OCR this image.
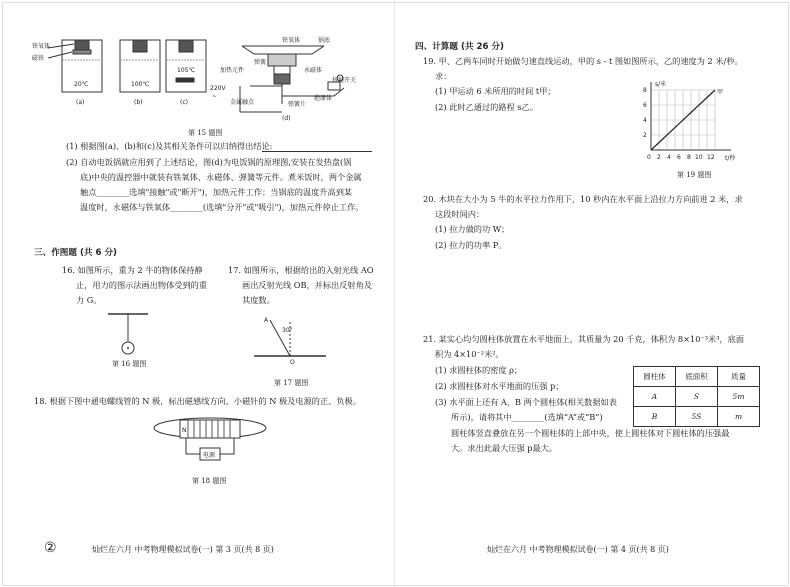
铁氧体
磁铁
铁氧体	锅底
弹簧
加热元件	永磁体
220V
~
金属触点	弹簧片
按键开关
绝缘体
20℃	100℃
105℃
(a)	(b)	(c)
(d)
第 15 题图
(1) 根据图(a)、(b)和(c)及其相关条件可以归纳得出结论:
(2) 自动电饭锅就应用到了上述结论，图(d)为电饭锅的原理图,安装在发热盘(锅
底)中央的温控器中就装有铁氧体、永磁体、弹簧等元件。煮米饭时，两个金属
触点________选填"接触"或"断开")，加热元件工作；当锅底的温度升高到某
温度时，永磁体与铁氧体________(选填"分开"或"吸引")，加热元件停止工作。
三、作图题 (共 6 分)
16. 如图所示，重为 2 牛的物体保持静
止，用力的图示法画出物体受到的重
力 G。
第 16 题图
17. 如图所示，根据给出的入射光线 AO
画出反射光线 OB，并标出反射角及
其度数。
A
30°
O
第 17 题图
18. 根据下图中通电螺线管的 N 极，标出磁感线方向、小磁针的 N 极及电源的正、负极。
N
电源
第 18 题图
②	灿烂在六月 中考物理模拟试卷(一) 第 3 页(共 8 页)
四、计算题 (共 26 分)
19. 甲、乙两车同时开始做匀速直线运动，甲的 s - t 图如图所示，乙的速度为 2 米/秒。
求：
(1) 甲运动 6 米所用的时间 t甲；
(2) 此时乙通过的路程 s乙。
s/米
t/秒
甲
8
6
4
2
0 2 4 6 8 10 12
第 19 题图
20. 木块在大小为 5 牛的水平拉力作用下，10 秒内在水平面上沿拉力方向前进 2 米，求
这段时间内：
(1) 拉力做的功 W；
(2) 拉力的功率 P。
21. 某实心均匀圆柱体放置在水平地面上，其质量为 20 千克，体积为 8×10⁻³米³，底面
积为 4×10⁻²米²。
(1) 求圆柱体的密度 ρ；
(2) 求圆柱体对水平地面的压强 p；
(3) 水平面上还有 A、B 两个圆柱体(相关数据如表
所示)，请将其中________(选填“A”或“B”)
圆柱体竖直叠放在另一个圆柱体的上部中央，使上圆柱体对下圆柱体的压强最
大。求出此最大压强 p最大。
圆柱体	底面积	质量
A	S	5m
B	5S	m
灿烂在六月 中考物理模拟试卷(一) 第 4 页(共 8 页)
